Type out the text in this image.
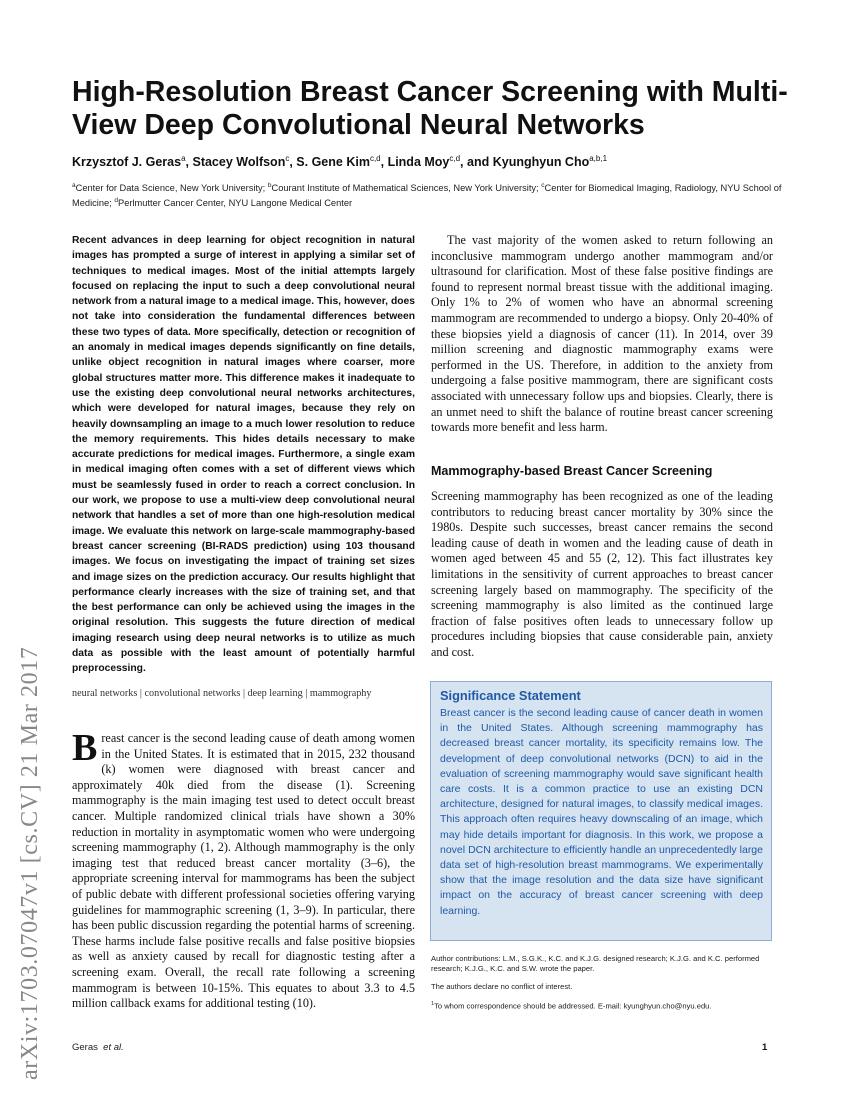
arXiv:1703.07047v1 [cs.CV] 21 Mar 2017
High-Resolution Breast Cancer Screening with Multi-View Deep Convolutional Neural Networks
Krzysztof J. Geras$^a$, Stacey Wolfson$^c$, S. Gene Kim$^{c,d}$, Linda Moy$^{c,d}$, and Kyunghyun Cho$^{a,b,1}$
$^a$Center for Data Science, New York University; $^b$Courant Institute of Mathematical Sciences, New York University; $^c$Center for Biomedical Imaging, Radiology, NYU School of Medicine; $^d$Perlmutter Cancer Center, NYU Langone Medical Center
Recent advances in deep learning for object recognition in natural images has prompted a surge of interest in applying a similar set of techniques to medical images. Most of the initial attempts largely focused on replacing the input to such a deep convolutional neural network from a natural image to a medical image. This, however, does not take into consideration the fundamental differences between these two types of data. More specifically, detection or recognition of an anomaly in medical images depends significantly on fine details, unlike object recognition in natural images where coarser, more global structures matter more. This difference makes it inadequate to use the existing deep convolutional neural networks architectures, which were developed for natural images, because they rely on heavily downsampling an image to a much lower resolution to reduce the memory requirements. This hides details necessary to make accurate predictions for medical images. Furthermore, a single exam in medical imaging often comes with a set of different views which must be seamlessly fused in order to reach a correct conclusion. In our work, we propose to use a multi-view deep convolutional neural network that handles a set of more than one high-resolution medical image. We evaluate this network on large-scale mammography-based breast cancer screening (BI-RADS prediction) using 103 thousand images. We focus on investigating the impact of training set sizes and image sizes on the prediction accuracy. Our results highlight that performance clearly increases with the size of training set, and that the best performance can only be achieved using the images in the original resolution. This suggests the future direction of medical imaging research using deep neural networks is to utilize as much data as possible with the least amount of potentially harmful preprocessing.
neural networks | convolutional networks | deep learning | mammography

Breast cancer is the second leading cause of death among women in the United States. It is estimated that in 2015, 232 thousand (k) women were diagnosed with breast cancer and approximately 40k died from the disease (1). Screening mammography is the main imaging test used to detect occult breast cancer. Multiple randomized clinical trials have shown a 30% reduction in mortality in asymptomatic women who were undergoing screening mammography (1, 2). Although mammography is the only imaging test that reduced breast cancer mortality (3–6), the appropriate screening interval for mammograms has been the subject of public debate with different professional societies offering varying guidelines for mammographic screening (1, 3–9). In particular, there has been public discussion regarding the potential harms of screening. These harms include false positive recalls and false positive biopsies as well as anxiety caused by recall for diagnostic testing after a screening exam. Overall, the recall rate following a screening mammogram is between 10-15%. This equates to about 3.3 to 4.5 million callback exams for additional testing (10).

The vast majority of the women asked to return following an inconclusive mammogram undergo another mammogram and/or ultrasound for clarification. Most of these false positive findings are found to represent normal breast tissue with the additional imaging. Only 1% to 2% of women who have an abnormal screening mammogram are recommended to undergo a biopsy. Only 20-40% of these biopsies yield a diagnosis of cancer (11). In 2014, over 39 million screening and diagnostic mammography exams were performed in the US. Therefore, in addition to the anxiety from undergoing a false positive mammogram, there are significant costs associated with unnecessary follow ups and biopsies. Clearly, there is an unmet need to shift the balance of routine breast cancer screening towards more benefit and less harm.

Mammography-based Breast Cancer Screening

Screening mammography has been recognized as one of the leading contributors to reducing breast cancer mortality by 30% since the 1980s. Despite such successes, breast cancer remains the second leading cause of death in women and the leading cause of death in women aged between 45 and 55 (2, 12). This fact illustrates key limitations in the sensitivity of current approaches to breast cancer screening largely based on mammography. The specificity of the screening mammography is also limited as the continued large fraction of false positives often leads to unnecessary follow up procedures including biopsies that cause considerable pain, anxiety and cost.

Significance Statement
Breast cancer is the second leading cause of cancer death in women in the United States. Although screening mammography has decreased breast cancer mortality, its specificity remains low. The development of deep convolutional networks (DCN) to aid in the evaluation of screening mammography would save significant health care costs. It is a common practice to use an existing DCN architecture, designed for natural images, to classify medical images. This approach often requires heavy downscaling of an image, which may hide details important for diagnosis. In this work, we propose a novel DCN architecture to efficiently handle an unprecedentedly large data set of high-resolution breast mammograms. We experimentally show that the image resolution and the data size have significant impact on the accuracy of breast cancer screening with deep learning.

Author contributions: L.M., S.G.K., K.C. and K.J.G. designed research; K.J.G. and K.C. performed research; K.J.G., K.C. and S.W. wrote the paper.

The authors declare no conflict of interest.

$^1$To whom correspondence should be addressed. E-mail: kyunghyun.cho@nyu.edu.

Geras et al.	1
